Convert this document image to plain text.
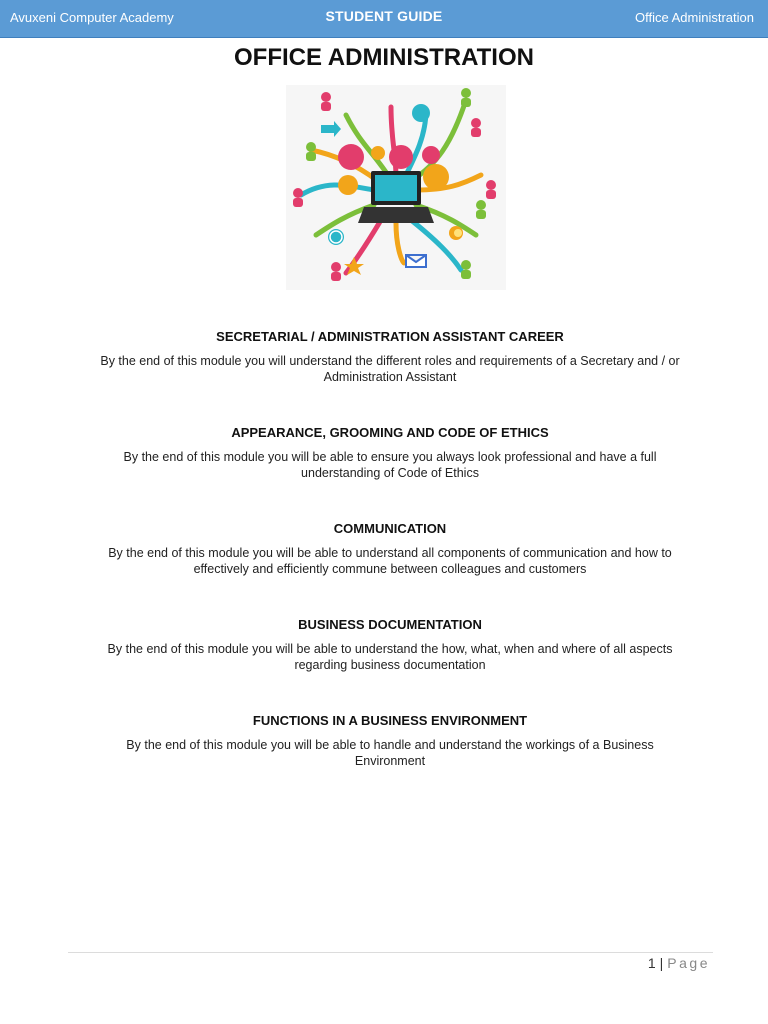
Avuxeni Computer Academy	STUDENT GUIDE	Office Administration
OFFICE ADMINISTRATION
SECRETARIAL / ADMINISTRATION ASSISTANT CAREER

By the end of this module you will understand the different roles and requirements of a Secretary and / or
Administration Assistant

APPEARANCE, GROOMING AND CODE OF ETHICS

By the end of this module you will be able to ensure you always look professional and have a full
understanding of Code of Ethics

COMMUNICATION

By the end of this module you will be able to understand all components of communication and how to
effectively and efficiently commune between colleagues and customers

BUSINESS DOCUMENTATION

By the end of this module you will be able to understand the how, what, when and where of all aspects
regarding business documentation

FUNCTIONS IN A BUSINESS ENVIRONMENT

By the end of this module you will be able to handle and understand the workings of a Business
Environment

1 | Page
